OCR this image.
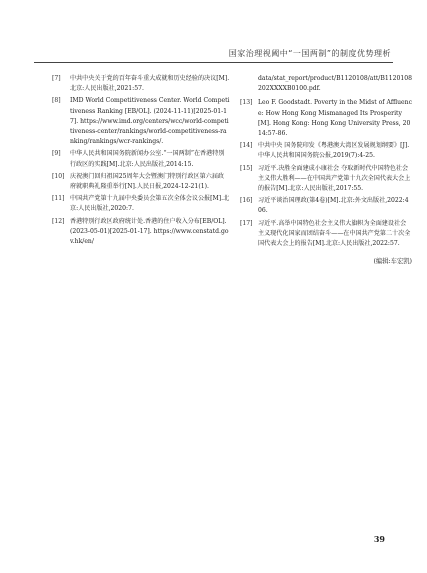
国家治理视阈中“一国两制”的制度优势理析
[7]	中共中央关于党的百年奋斗重大成就和历史经验的决议[M].北京:人民出版社,2021:57.
[8]	IMD World Competitiveness Center. World Competitiveness Ranking [EB/OL]. (2024-11-11)[2025-01-17]. https://www.imd.org/centers/wcc/world-competitiveness-center/rankings/world-competitiveness-ranking/rankings/wcr-rankings/.
[9]	中华人民共和国国务院新闻办公室.“一国两制”在香港特别行政区的实践[M].北京:人民出版社,2014:15.
[10] 庆祝澳门回归祖国25周年大会暨澳门特别行政区第六届政府就职典礼隆重举行[N].人民日报,2024-12-21(1).
[11] 中国共产党第十九届中央委员会第五次全体会议公报[M].北京:人民出版社,2020:7.
[12] 香港特别行政区政府统计处.香港的住户收入分布[EB/OL].(2023-05-01)[2025-01-17]. https://www.censtatd.gov.hk/en/
data/stat_report/product/B1120108/att/B1120108202XXXXB0100.pdf.
[13] Leo F. Goodstadt. Poverty in the Midst of Affluence: How Hong Kong Mismanaged Its Prosperity[M]. Hong Kong: Hong Kong University Press, 2014:57-86.
[14] 中共中央 国务院印发《粤港澳大湾区发展规划纲要》[J].中华人民共和国国务院公报,2019(7):4-25.
[15] 习近平.决胜全面建成小康社会 夺取新时代中国特色社会主义伟大胜利——在中国共产党第十九次全国代表大会上的报告[M].北京:人民出版社,2017:55.
[16] 习近平谈治国理政(第4卷)[M].北京:外文出版社,2022:406.
[17] 习近平.高举中国特色社会主义伟大旗帜为全面建设社会主义现代化国家而团结奋斗——在中国共产党第二十次全国代表大会上的报告[M].北京:人民出版社,2022:57.
(编辑:车宏凯)
39
